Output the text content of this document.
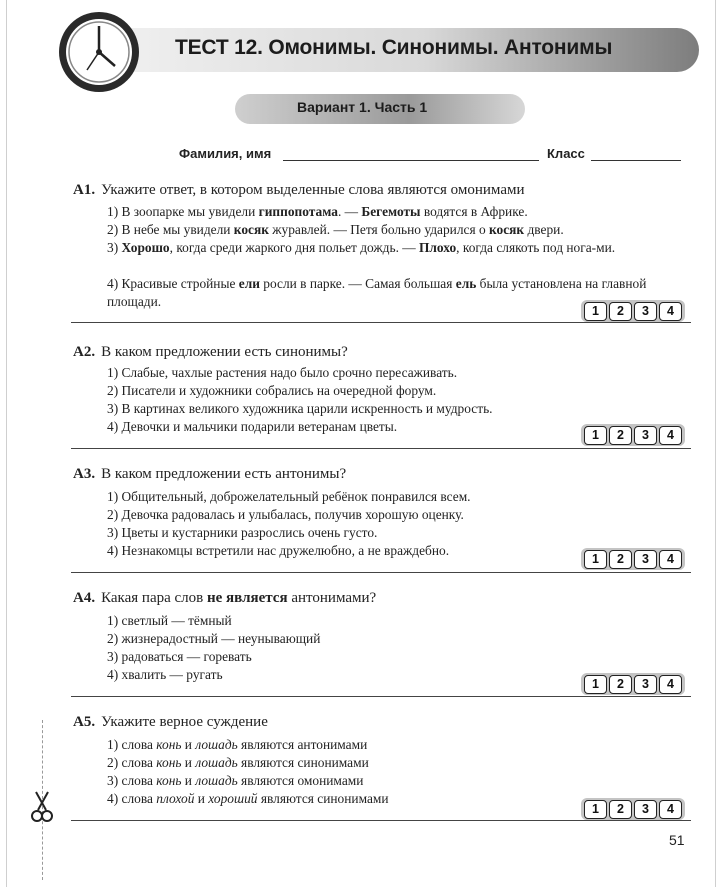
ТЕСТ 12. Омонимы. Синонимы. Антонимы
Вариант 1. Часть 1
Фамилия, имя	Класс
А1. Укажите ответ, в котором выделенные слова являются омонимами
1) В зоопарке мы увидели гиппопотама. — Бегемоты водятся в Африке.
2) В небе мы увидели косяк журавлей. — Петя больно ударился о косяк двери.
3) Хорошо, когда среди жаркого дня польет дождь. — Плохо, когда слякоть под нога-ми.
4) Красивые стройные ели росли в парке. — Самая большая ель была установлена на главной площади.
1	2	3	4
А2. В каком предложении есть синонимы?
1) Слабые, чахлые растения надо было срочно пересаживать.
2) Писатели и художники собрались на очередной форум.
3) В картинах великого художника царили искренность и мудрость.
4) Девочки и мальчики подарили ветеранам цветы.
1	2	3	4
А3. В каком предложении есть антонимы?
1) Общительный, доброжелательный ребёнок понравился всем.
2) Девочка радовалась и улыбалась, получив хорошую оценку.
3) Цветы и кустарники разрослись очень густо.
4) Незнакомцы встретили нас дружелюбно, а не враждебно.
1	2	3	4
А4. Какая пара слов не является антонимами?
1) светлый — тёмный
2) жизнерадостный — неунывающий
3) радоваться — горевать
4) хвалить — ругать
1	2	3	4
А5. Укажите верное суждение
1) слова конь и лошадь являются антонимами
2) слова конь и лошадь являются синонимами
3) слова конь и лошадь являются омонимами
4) слова плохой и хороший являются синонимами
1	2	3	4
51
